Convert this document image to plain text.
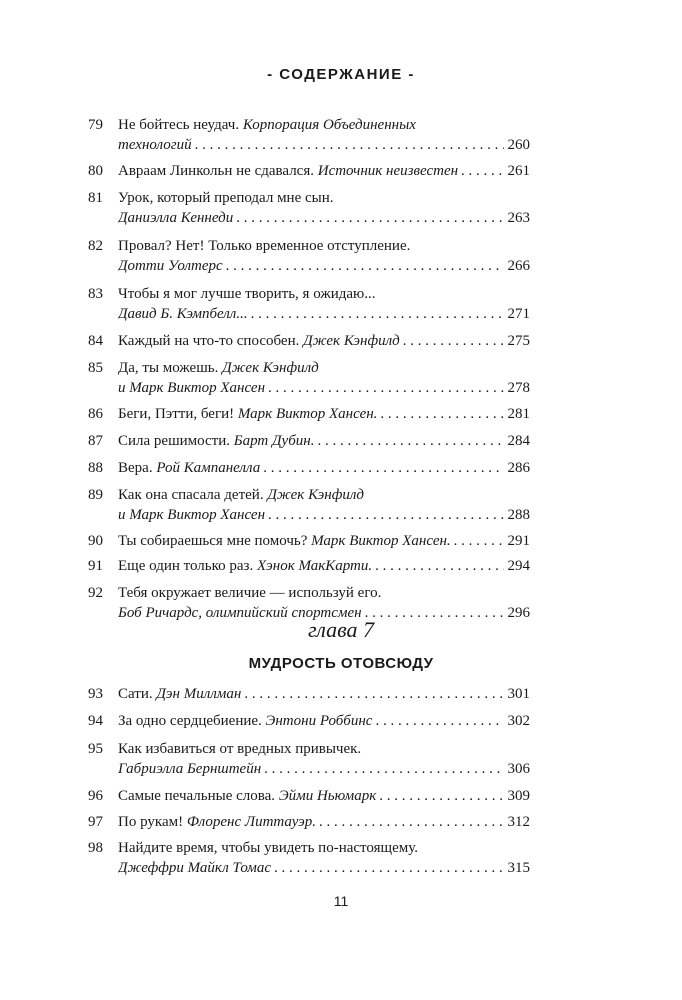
- СОДЕРЖАНИЕ -
79	Не бойтесь неудач. Корпорация Объединенных
технологий . . .	260
80	Авраам Линкольн не сдавался.
Источник неизвестен . . .	261
81	Урок, который преподал мне сын.
Даниэлла Кеннеди . . .	263
82	Провал? Нет! Только временное отступление.
Дотти Уолтерс . . .	266
83	Чтобы я мог лучше творить, я ожидаю...
Давид Б. Кэмпбелл... . . .	271
84	Каждый на что-то способен.
Джек Кэнфилд . . .	275
85	Да, ты можешь. Джек Кэнфилд
и Марк Виктор Хансен . . .	278
86	Беги, Пэтти, беги!
Марк Виктор Хансен. . . .	281
87	Сила решимости.
Барт Дубин. . . .	284
88	Вера.
Рой Кампанелла . . .	286
89	Как она спасала детей. Джек Кэнфилд
и Марк Виктор Хансен . . .	288
90	Ты собираешься мне помочь?
Марк Виктор Хансен. . . .	291
91	Еще один только раз.
Хэнок МакКарти. . . .	294
92	Тебя окружает величие — используй его.
Боб Ричардс, олимпийский спортсмен . . .	296
глава 7
МУДРОСТЬ ОТОВСЮДУ
93	Сати.
Дэн Миллман . . .	301
94	За одно сердцебиение.
Энтони Роббинс . . .	302
95	Как избавиться от вредных привычек.
Габриэлла Бернштейн . . .	306
96	Самые печальные слова.
Эйми Ньюмарк . . .	309
97	По рукам!
Флоренс Литтауэр. . . .	312
98	Найдите время, чтобы увидеть по-настоящему.
Джеффри Майкл Томас . . .	315
11
